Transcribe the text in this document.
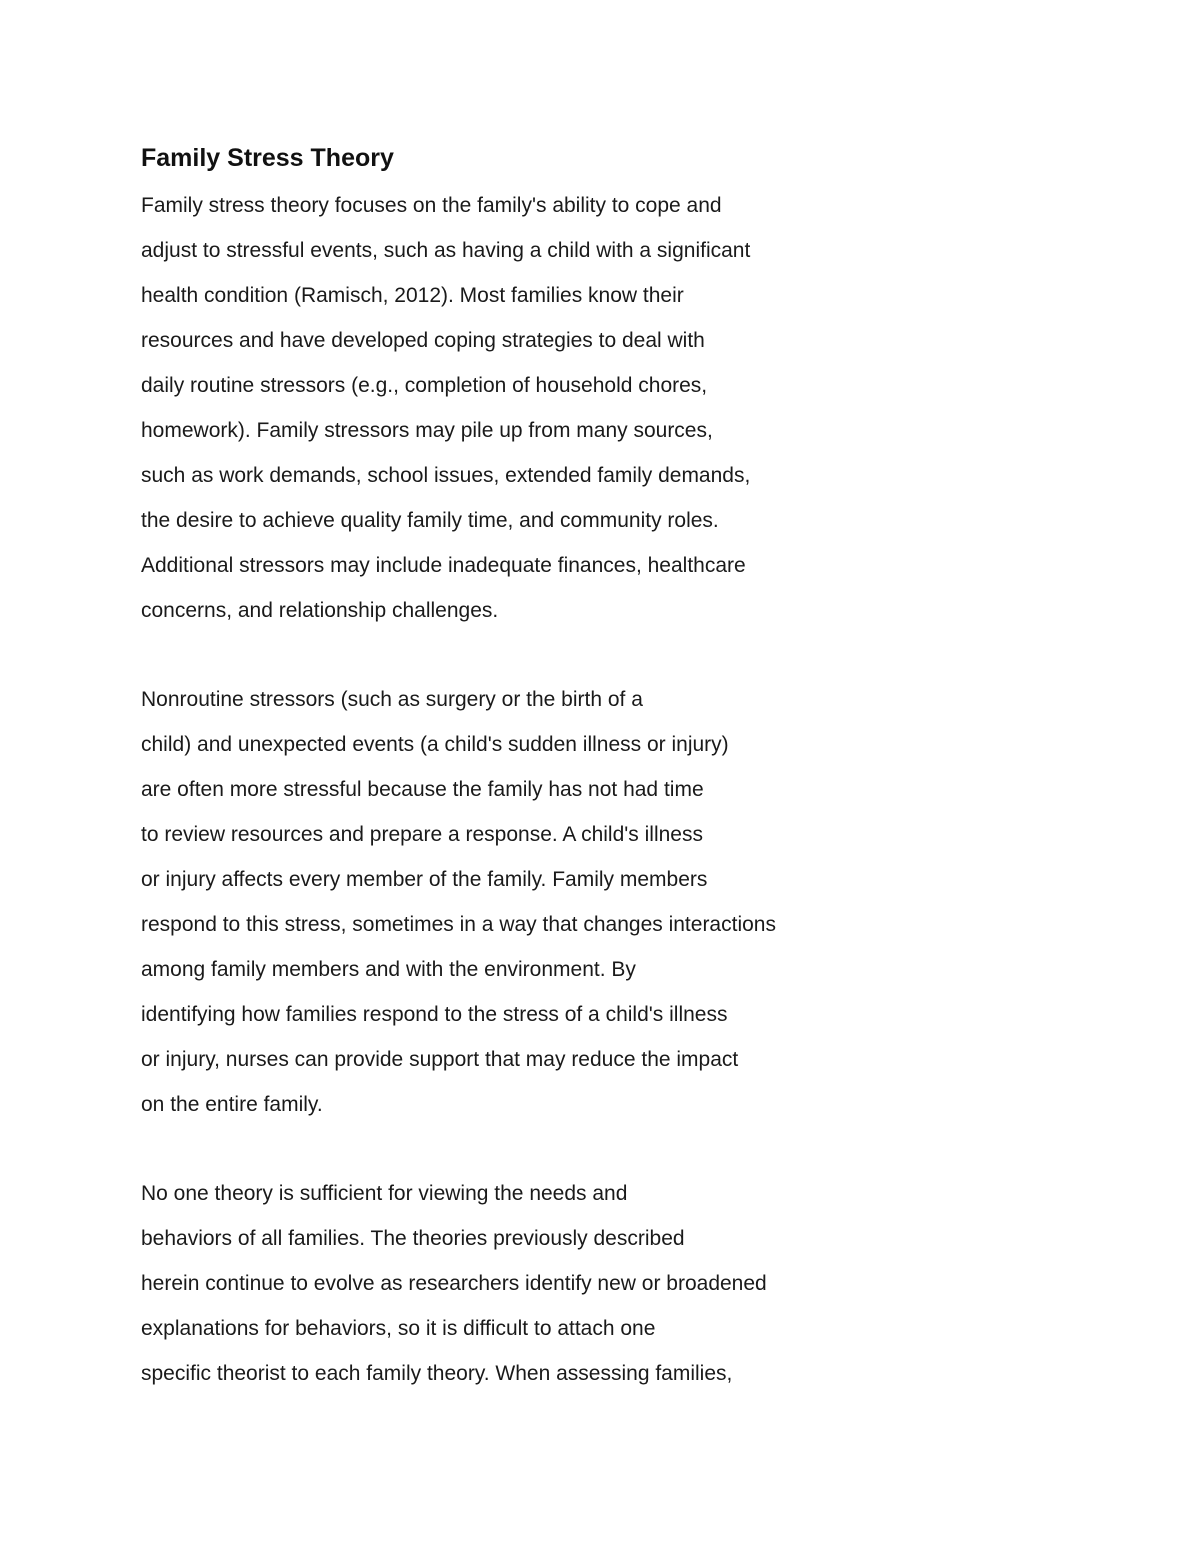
Family Stress Theory
Family stress theory focuses on the family's ability to cope and
adjust to stressful events, such as having a child with a significant
health condition (Ramisch, 2012). Most families know their
resources and have developed coping strategies to deal with
daily routine stressors (e.g., completion of household chores,
homework). Family stressors may pile up from many sources,
such as work demands, school issues, extended family demands,
the desire to achieve quality family time, and community roles.
Additional stressors may include inadequate finances, healthcare
concerns, and relationship challenges.
Nonroutine stressors (such as surgery or the birth of a
child) and unexpected events (a child's sudden illness or injury)
are often more stressful because the family has not had time
to review resources and prepare a response. A child's illness
or injury affects every member of the family. Family members
respond to this stress, sometimes in a way that changes interactions
among family members and with the environment. By
identifying how families respond to the stress of a child's illness
or injury, nurses can provide support that may reduce the impact
on the entire family.
No one theory is sufficient for viewing the needs and
behaviors of all families. The theories previously described
herein continue to evolve as researchers identify new or broadened
explanations for behaviors, so it is difficult to attach one
specific theorist to each family theory. When assessing families,
